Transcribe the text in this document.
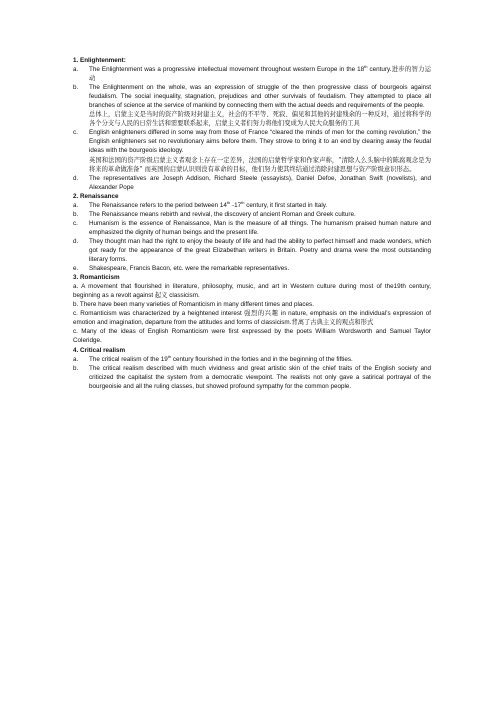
1. Enlightenment:

a. The Enlightenment was a progressive intellectual movement throughout western Europe in the 18th century.进步的智力运动
b. The Enlightenment on the whole, was an expression of struggle of the then progressive class of bourgeois against feudalism. The social inequality, stagnation, prejudices and other survivals of feudalism. They attempted to place all branches of science at the service of mankind by connecting them with the actual deeds and requirements of the people.
总体上，启蒙主义是当时的资产阶级对封建主义，社会的不平等、死寂、偏见和其他的封建残余的一种反对，通过将科学的各个分支与人民的日常生活和需要联系起来，启蒙主义者们努力将他们变成为人民大众服务的工具
c. English enlighteners differed in some way from those of France “cleared the minds of men for the coming revolution,” the English enlighteners set no revolutionary aims before them. They strove to bring it to an end by clearing away the feudal ideas with the bourgeois ideology.
英国和法国的资产阶级启蒙主义者观念上存在一定差异，法国的启蒙哲学家和作家声称，“清除人么头脑中的陈腐观念是为将来的革命做准备” 而英国的启蒙认识则没有革命的目标，他们努力使其终结通过消除封建思想与资产阶级意识形态。
d. The representatives are Joseph Addison, Richard Steele (essayists), Daniel Defoe, Jonathan Swift (novelists), and Alexander Pope

2. Renaissance

a. The Renaissance refers to the period between 14th -17th century, it first started in Italy.
b. The Renaissance means rebirth and revival, the discovery of ancient Roman and Greek culture.
c. Humanism is the essence of Renaissance, Man is the measure of all things. The humanism praised human nature and emphasized the dignity of human beings and the present life.
d. They thought man had the right to enjoy the beauty of life and had the ability to perfect himself and made wonders, which got ready for the appearance of the great Elizabethan writers in Britain. Poetry and drama were the most outstanding literary forms.
e. Shakespeare, Francis Bacon, etc. were the remarkable representatives.

3. Romanticism

a. A movement that flourished in literature, philosophy, music, and art in Western culture during most of the19th century, beginning as a revolt against 起义 classicism.

b. There have been many varieties of Romanticism in many different times and places.

c. Romanticism was characterized by a heightened interest 强烈的兴趣 in nature, emphasis on the individual’s expression of emotion and imagination, departure from the attitudes and forms of classicism.背离了古典主义的观点和形式

c. Many of the ideas of English Romanticism were first expressed by the poets William Wordsworth and Samuel Taylor Coleridge.

4. Critical realism

a. The critical realism of the 19th century flourished in the forties and in the beginning of the fifties.
b. The critical realism described with much vividness and great artistic skin of the chief traits of the English society and criticized the capitalist the system from a democratic viewpoint. The realists not only gave a satirical portrayal of the bourgeoisie and all the ruling classes, but showed profound sympathy for the common people.
